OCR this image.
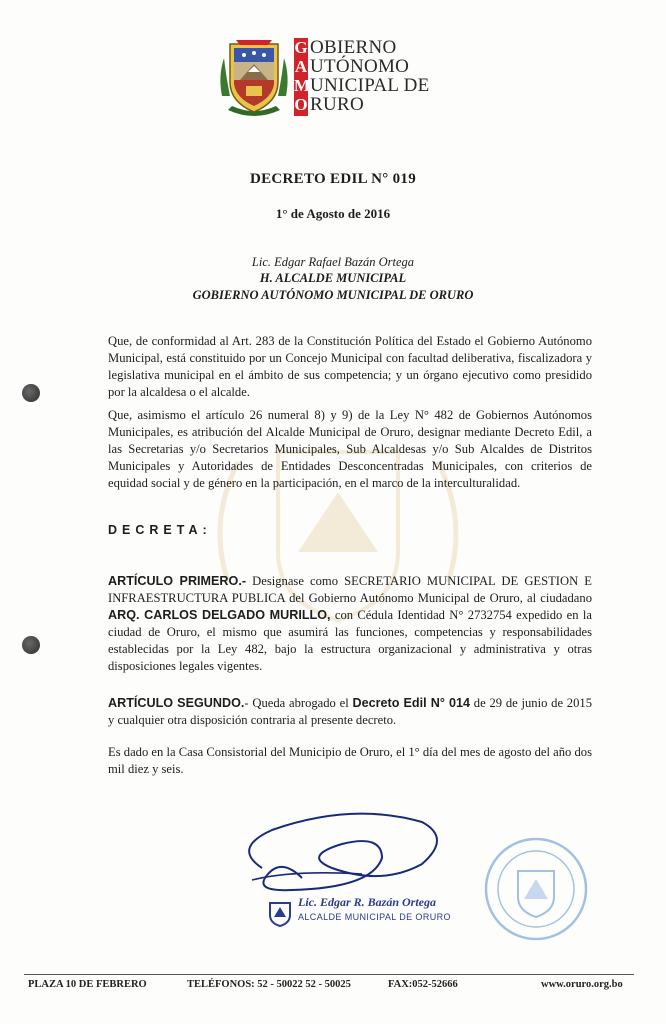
G
A
M
O
OBIERNO
UTÓNOMO
UNICIPAL DE
RURO
DECRETO EDIL N° 019
1° de Agosto de 2016
Lic. Edgar Rafael Bazán Ortega
H. ALCALDE MUNICIPAL
GOBIERNO AUTÓNOMO MUNICIPAL DE ORURO

Que, de conformidad al Art. 283 de la Constitución Política del Estado el Gobierno Autónomo Municipal, está constituido por un Concejo Municipal con facultad deliberativa, fiscalizadora y legislativa municipal en el ámbito de sus competencia; y un órgano ejecutivo como presidido por la alcaldesa o el alcalde.

Que, asimismo el artículo 26 numeral 8) y 9) de la Ley N° 482 de Gobiernos Autónomos Municipales, es atribución del Alcalde Municipal de Oruro, designar mediante Decreto Edil, a las Secretarias y/o Secretarios Municipales, Sub Alcaldesas y/o Sub Alcaldes de Distritos Municipales y Autoridades de Entidades Desconcentradas Municipales, con criterios de equidad social y de género en la participación, en el marco de la interculturalidad.

DECRETA:

ARTÍCULO PRIMERO.- Designase como SECRETARIO MUNICIPAL DE GESTION E INFRAESTRUCTURA PUBLICA del Gobierno Autónomo Municipal de Oruro, al ciudadano ARQ. CARLOS DELGADO MURILLO, con Cédula Identidad N° 2732754 expedido en la ciudad de Oruro, el mismo que asumirá las funciones, competencias y responsabilidades establecidas por la Ley 482, bajo la estructura organizacional y administrativa y otras disposiciones legales vigentes.

ARTÍCULO SEGUNDO.- Queda abrogado el Decreto Edil N° 014 de 29 de junio de 2015 y cualquier otra disposición contraria al presente decreto.

Es dado en la Casa Consistorial del Municipio de Oruro, el 1° día del mes de agosto del año dos mil diez y seis.

Lic. Edgar R. Bazán Ortega
ALCALDE MUNICIPAL DE ORURO
PLAZA 10 DE FEBRERO	TELÉFONOS: 52 - 50022 52 - 50025	FAX:052-52666	www.oruro.org.bo
